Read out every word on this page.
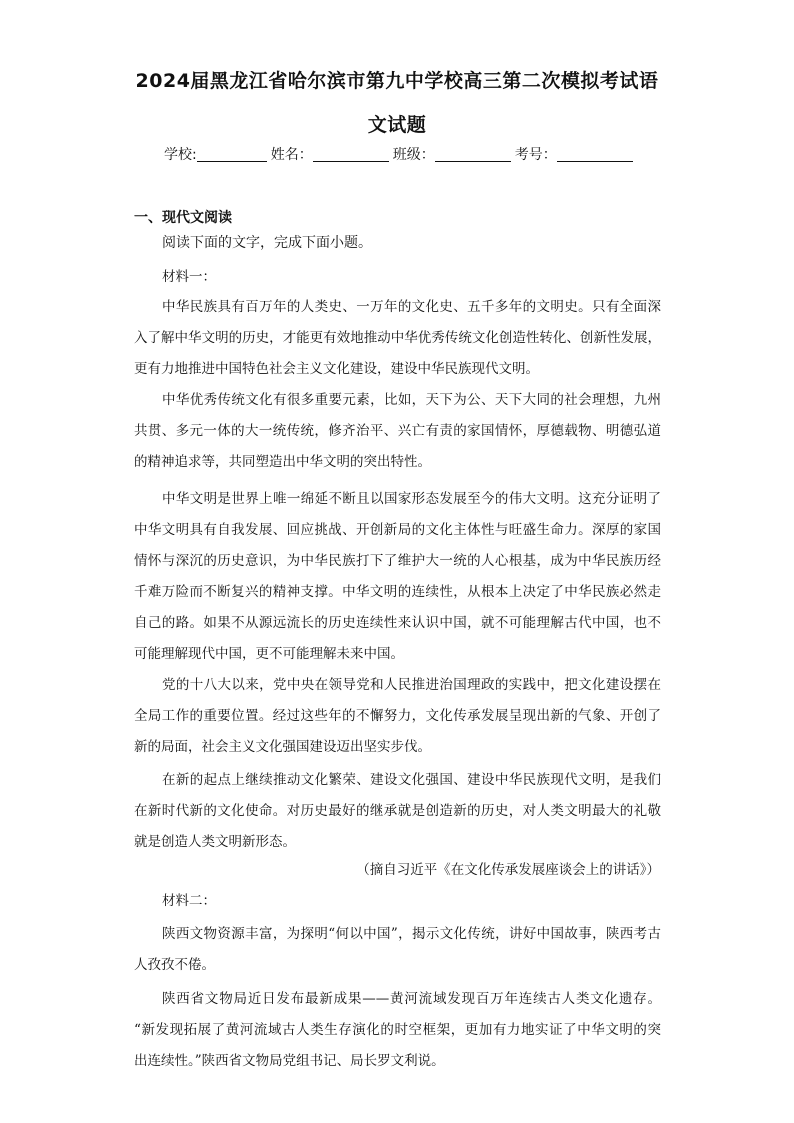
2024届黑龙江省哈尔滨市第九中学校高三第二次模拟考试语
文试题
学校:	姓名：	班级：	考号：
一、现代文阅读
阅读下面的文字，完成下面小题。
材料一：
中华民族具有百万年的人类史、一万年的文化史、五千多年的文明史。只有全面深
入了解中华文明的历史，才能更有效地推动中华优秀传统文化创造性转化、创新性发展，
更有力地推进中国特色社会主义文化建设，建设中华民族现代文明。
中华优秀传统文化有很多重要元素，比如，天下为公、天下大同的社会理想，九州
共贯、多元一体的大一统传统，修齐治平、兴亡有责的家国情怀，厚德载物、明德弘道
的精神追求等，共同塑造出中华文明的突出特性。
中华文明是世界上唯一绵延不断且以国家形态发展至今的伟大文明。这充分证明了
中华文明具有自我发展、回应挑战、开创新局的文化主体性与旺盛生命力。深厚的家国
情怀与深沉的历史意识，为中华民族打下了维护大一统的人心根基，成为中华民族历经
千难万险而不断复兴的精神支撑。中华文明的连续性，从根本上决定了中华民族必然走
自己的路。如果不从源远流长的历史连续性来认识中国，就不可能理解古代中国，也不
可能理解现代中国，更不可能理解未来中国。
党的十八大以来，党中央在领导党和人民推进治国理政的实践中，把文化建设摆在
全局工作的重要位置。经过这些年的不懈努力，文化传承发展呈现出新的气象、开创了
新的局面，社会主义文化强国建设迈出坚实步伐。
在新的起点上继续推动文化繁荣、建设文化强国、建设中华民族现代文明，是我们
在新时代新的文化使命。对历史最好的继承就是创造新的历史，对人类文明最大的礼敬
就是创造人类文明新形态。
（摘自习近平《在文化传承发展座谈会上的讲话》）
材料二：
陕西文物资源丰富，为探明“何以中国”，揭示文化传统，讲好中国故事，陕西考古
人孜孜不倦。
陕西省文物局近日发布最新成果——黄河流域发现百万年连续古人类文化遗存。
“新发现拓展了黄河流域古人类生存演化的时空框架，更加有力地实证了中华文明的突
出连续性。”陕西省文物局党组书记、局长罗文利说。
